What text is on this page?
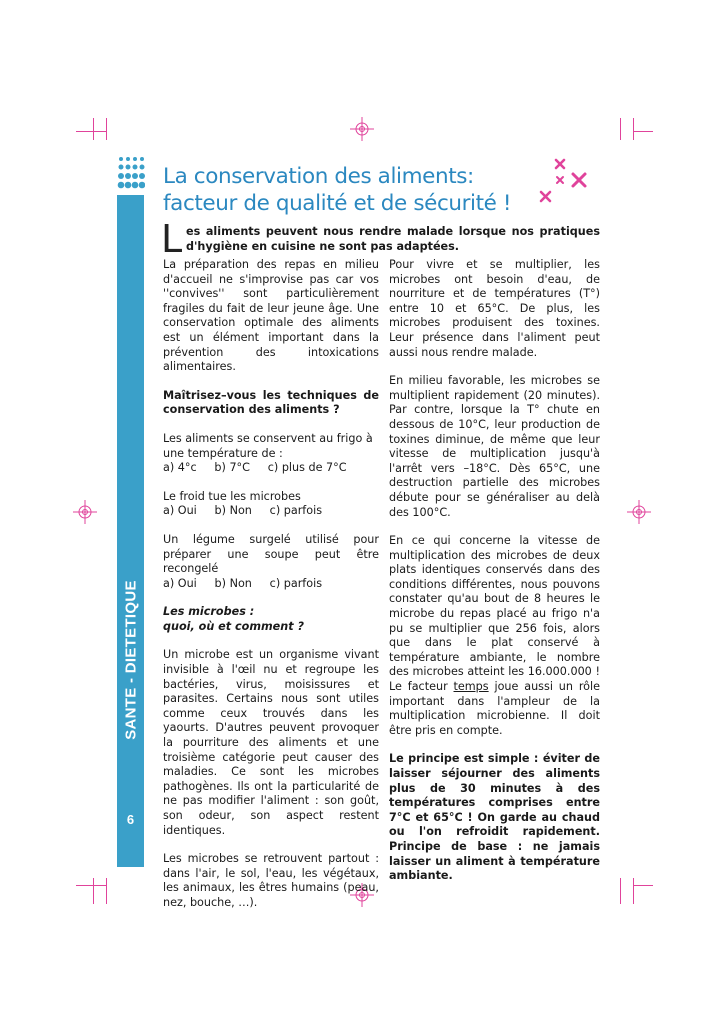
SANTE - DIETETIQUE
6
La conservation des aliments:
facteur de qualité et de sécurité !
L es aliments peuvent nous rendre malade lorsque nos pratiques d'hygiène en cuisine ne sont pas adaptées.

La préparation des repas en milieu d'accueil ne s'improvise pas car vos ''convives'' sont particulièrement fragiles du fait de leur jeune âge. Une conservation optimale des aliments est un élément important dans la prévention des intoxications alimentaires.

Maîtrisez–vous les techniques de conservation des aliments ?

Les aliments se conservent au frigo à une température de :
a) 4°c     b) 7°C     c) plus de 7°C

Le froid tue les microbes
a) Oui     b) Non     c) parfois

Un légume surgelé utilisé pour préparer une soupe peut être recongelé
a) Oui     b) Non     c) parfois

Les microbes :
quoi, où et comment ?

Un microbe est un organisme vivant invisible à l'œil nu et regroupe les bactéries, virus, moisissures et parasites. Certains nous sont utiles comme ceux trouvés dans les yaourts. D'autres peuvent provoquer la pourriture des aliments et une troisième catégorie peut causer des maladies. Ce sont les microbes pathogènes. Ils ont la particularité de ne pas modifier l'aliment : son goût, son odeur, son aspect restent identiques.

Les microbes se retrouvent partout : dans l'air, le sol, l'eau, les végétaux, les animaux, les êtres humains (peau, nez, bouche, …).

Pour vivre et se multiplier, les microbes ont besoin d'eau, de nourriture et de températures (T°) entre 10 et 65°C. De plus, les microbes produisent des toxines. Leur présence dans l'aliment peut aussi nous rendre malade.

En milieu favorable, les microbes se multiplient rapidement (20 minutes). Par contre, lorsque la T° chute en dessous de 10°C, leur production de toxines diminue, de même que leur vitesse de multiplication jusqu'à l'arrêt vers –18°C. Dès 65°C, une destruction partielle des microbes débute pour se généraliser au delà des 100°C.

En ce qui concerne la vitesse de multiplication des microbes de deux plats identiques conservés dans des conditions différentes, nous pouvons constater qu'au bout de 8 heures le microbe du repas placé au frigo n'a pu se multiplier que 256 fois, alors que dans le plat conservé à température ambiante, le nombre des microbes atteint les 16.000.000 ! Le facteur temps joue aussi un rôle important dans l'ampleur de la multiplication microbienne. Il doit être pris en compte.

Le principe est simple : éviter de laisser séjourner des aliments plus de 30 minutes à des températures comprises entre 7°C et 65°C ! On garde au chaud ou l'on refroidit rapidement. Principe de base : ne jamais laisser un aliment à température ambiante.
